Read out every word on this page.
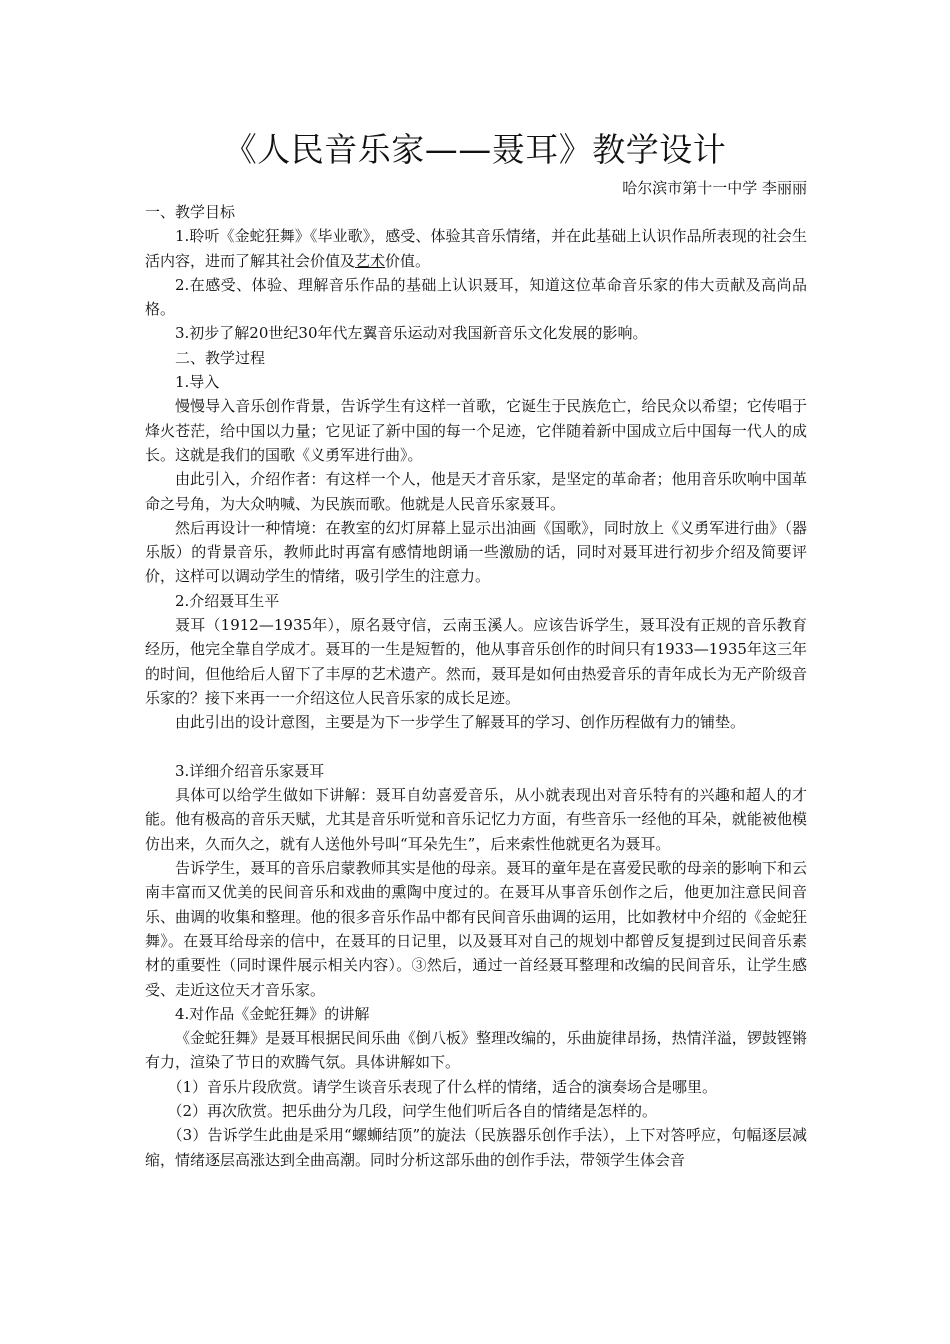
《人民音乐家——聂耳》教学设计
哈尔滨市第十一中学 李丽丽

一、教学目标

1.聆听《金蛇狂舞》《毕业歌》，感受、体验其音乐情绪，并在此基础上认识作品所表现的社会生活内容，进而了解其社会价值及艺术价值。

2.在感受、体验、理解音乐作品的基础上认识聂耳，知道这位革命音乐家的伟大贡献及高尚品格。

3.初步了解20世纪30年代左翼音乐运动对我国新音乐文化发展的影响。

二、教学过程

1.导入

慢慢导入音乐创作背景，告诉学生有这样一首歌，它诞生于民族危亡，给民众以希望；它传唱于烽火苍茫，给中国以力量；它见证了新中国的每一个足迹，它伴随着新中国成立后中国每一代人的成长。这就是我们的国歌《义勇军进行曲》。

由此引入，介绍作者：有这样一个人，他是天才音乐家，是坚定的革命者；他用音乐吹响中国革命之号角，为大众呐喊、为民族而歌。他就是人民音乐家聂耳。

然后再设计一种情境：在教室的幻灯屏幕上显示出油画《国歌》，同时放上《义勇军进行曲》（器乐版）的背景音乐，教师此时再富有感情地朗诵一些激励的话，同时对聂耳进行初步介绍及简要评价，这样可以调动学生的情绪，吸引学生的注意力。

2.介绍聂耳生平

聂耳（1912—1935年），原名聂守信，云南玉溪人。应该告诉学生，聂耳没有正规的音乐教育经历，他完全靠自学成才。聂耳的一生是短暂的，他从事音乐创作的时间只有1933—1935年这三年的时间，但他给后人留下了丰厚的艺术遗产。然而，聂耳是如何由热爱音乐的青年成长为无产阶级音乐家的？接下来再一一介绍这位人民音乐家的成长足迹。

由此引出的设计意图，主要是为下一步学生了解聂耳的学习、创作历程做有力的铺垫。

3.详细介绍音乐家聂耳

具体可以给学生做如下讲解：聂耳自幼喜爱音乐，从小就表现出对音乐特有的兴趣和超人的才能。他有极高的音乐天赋，尤其是音乐听觉和音乐记忆力方面，有些音乐一经他的耳朵，就能被他模仿出来，久而久之，就有人送他外号叫“耳朵先生”，后来索性他就更名为聂耳。

告诉学生，聂耳的音乐启蒙教师其实是他的母亲。聂耳的童年是在喜爱民歌的母亲的影响下和云南丰富而又优美的民间音乐和戏曲的熏陶中度过的。在聂耳从事音乐创作之后，他更加注意民间音乐、曲调的收集和整理。他的很多音乐作品中都有民间音乐曲调的运用，比如教材中介绍的《金蛇狂舞》。在聂耳给母亲的信中，在聂耳的日记里，以及聂耳对自己的规划中都曾反复提到过民间音乐素材的重要性（同时课件展示相关内容）。③然后，通过一首经聂耳整理和改编的民间音乐，让学生感受、走近这位天才音乐家。

4.对作品《金蛇狂舞》的讲解

《金蛇狂舞》是聂耳根据民间乐曲《倒八板》整理改编的，乐曲旋律昂扬，热情洋溢，锣鼓铿锵有力，渲染了节日的欢腾气氛。具体讲解如下。

（1）音乐片段欣赏。请学生谈音乐表现了什么样的情绪，适合的演奏场合是哪里。

（2）再次欣赏。把乐曲分为几段，问学生他们听后各自的情绪是怎样的。

（3）告诉学生此曲是采用“螺蛳结顶”的旋法（民族器乐创作手法），上下对答呼应，句幅逐层减缩，情绪逐层高涨达到全曲高潮。同时分析这部乐曲的创作手法，带领学生体会音
